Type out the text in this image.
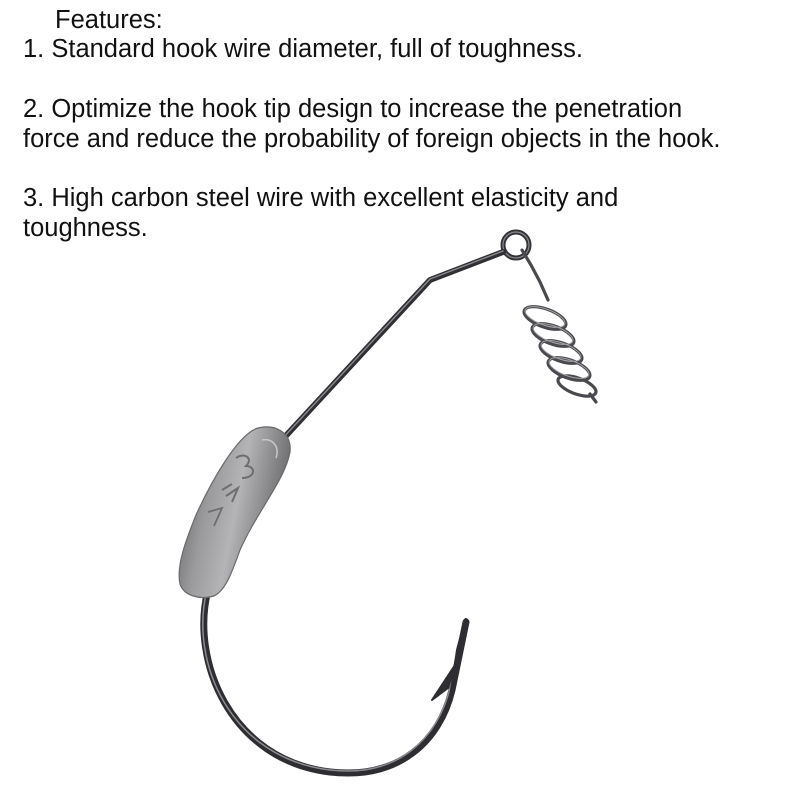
Features:
1. Standard hook wire diameter, full of toughness.
2. Optimize the hook tip design to increase the penetration
force and reduce the probability of foreign objects in the hook.
3. High carbon steel wire with excellent elasticity and
toughness.
